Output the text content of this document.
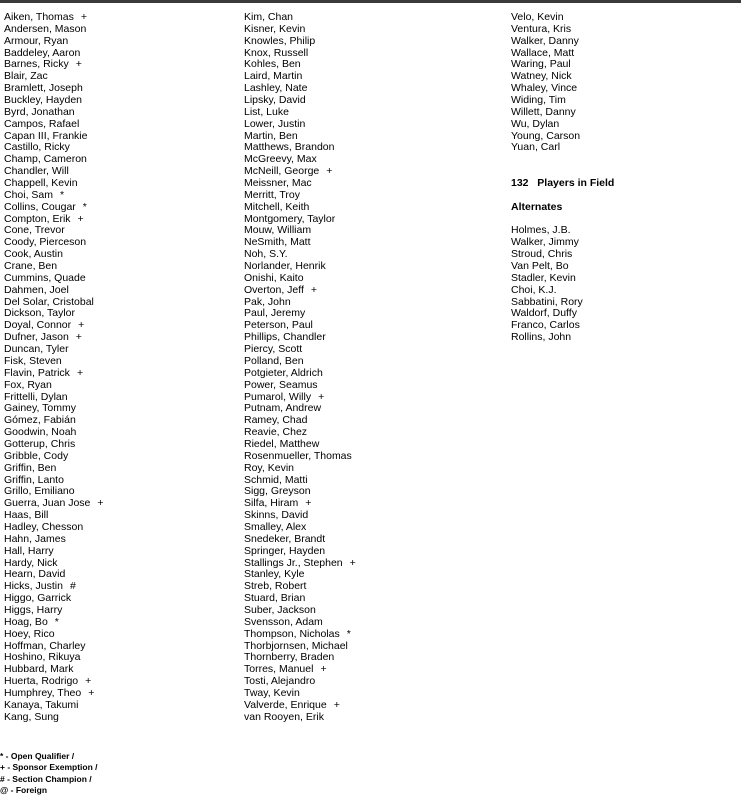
Aiken, Thomas +
Andersen, Mason
Armour, Ryan
Baddeley, Aaron
Barnes, Ricky +
Blair, Zac
Bramlett, Joseph
Buckley, Hayden
Byrd, Jonathan
Campos, Rafael
Capan III, Frankie
Castillo, Ricky
Champ, Cameron
Chandler, Will
Chappell, Kevin
Choi, Sam *
Collins, Cougar *
Compton, Erik +
Cone, Trevor
Coody, Pierceson
Cook, Austin
Crane, Ben
Cummins, Quade
Dahmen, Joel
Del Solar, Cristobal
Dickson, Taylor
Doyal, Connor +
Dufner, Jason +
Duncan, Tyler
Fisk, Steven
Flavin, Patrick +
Fox, Ryan
Frittelli, Dylan
Gainey, Tommy
Gómez, Fabián
Goodwin, Noah
Gotterup, Chris
Gribble, Cody
Griffin, Ben
Griffin, Lanto
Grillo, Emiliano
Guerra, Juan Jose +
Haas, Bill
Hadley, Chesson
Hahn, James
Hall, Harry
Hardy, Nick
Hearn, David
Hicks, Justin #
Higgo, Garrick
Higgs, Harry
Hoag, Bo *
Hoey, Rico
Hoffman, Charley
Hoshino, Rikuya
Hubbard, Mark
Huerta, Rodrigo +
Humphrey, Theo +
Kanaya, Takumi
Kang, Sung
Kim, Chan
Kisner, Kevin
Knowles, Philip
Knox, Russell
Kohles, Ben
Laird, Martin
Lashley, Nate
Lipsky, David
List, Luke
Lower, Justin
Martin, Ben
Matthews, Brandon
McGreevy, Max
McNeill, George +
Meissner, Mac
Merritt, Troy
Mitchell, Keith
Montgomery, Taylor
Mouw, William
NeSmith, Matt
Noh, S.Y.
Norlander, Henrik
Onishi, Kaito
Overton, Jeff +
Pak, John
Paul, Jeremy
Peterson, Paul
Phillips, Chandler
Piercy, Scott
Polland, Ben
Potgieter, Aldrich
Power, Seamus
Pumarol, Willy +
Putnam, Andrew
Ramey, Chad
Reavie, Chez
Riedel, Matthew
Rosenmueller, Thomas
Roy, Kevin
Schmid, Matti
Sigg, Greyson
Silfa, Hiram +
Skinns, David
Smalley, Alex
Snedeker, Brandt
Springer, Hayden
Stallings Jr., Stephen +
Stanley, Kyle
Streb, Robert
Stuard, Brian
Suber, Jackson
Svensson, Adam
Thompson, Nicholas *
Thorbjornsen, Michael
Thornberry, Braden
Torres, Manuel +
Tosti, Alejandro
Tway, Kevin
Valverde, Enrique +
van Rooyen, Erik
Velo, Kevin
Ventura, Kris
Walker, Danny
Wallace, Matt
Waring, Paul
Watney, Nick
Whaley, Vince
Widing, Tim
Willett, Danny
Wu, Dylan
Young, Carson
Yuan, Carl
132 Players in Field
Alternates
Holmes, J.B.
Walker, Jimmy
Stroud, Chris
Van Pelt, Bo
Stadler, Kevin
Choi, K.J.
Sabbatini, Rory
Waldorf, Duffy
Franco, Carlos
Rollins, John
* - Open Qualifier /
+ - Sponsor Exemption /
# - Section Champion /
@ - Foreign
